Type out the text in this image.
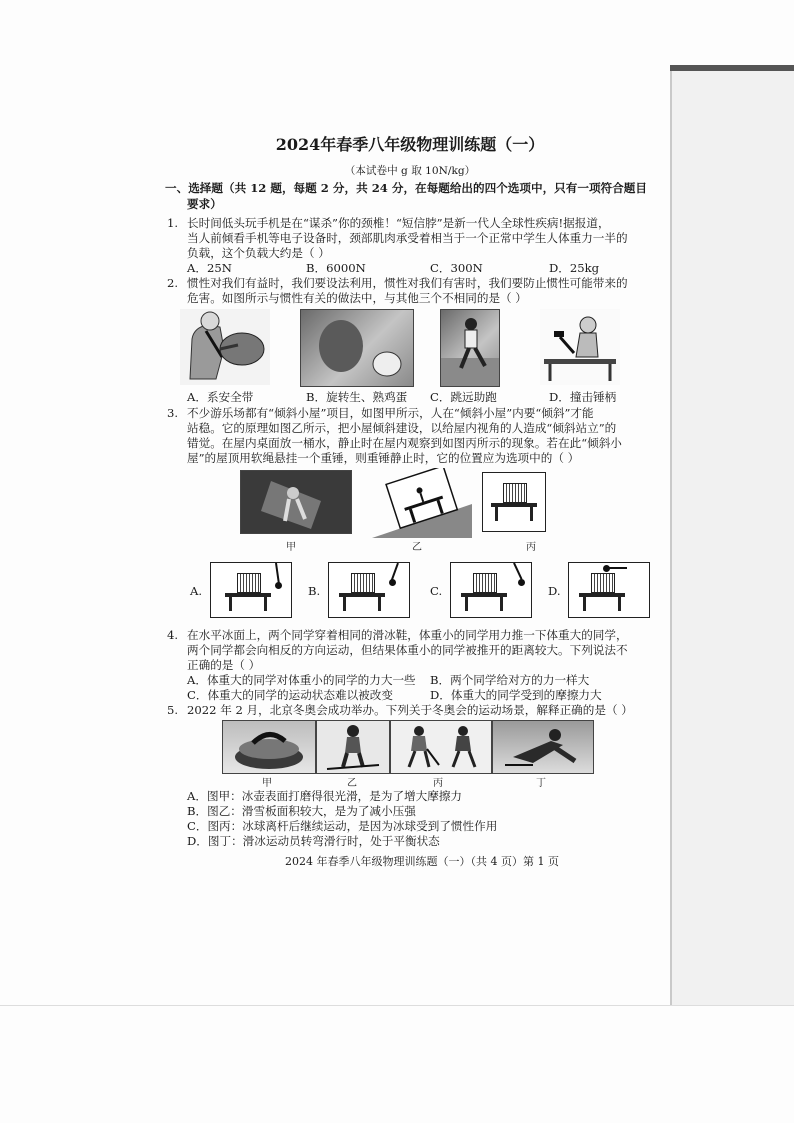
2024年春季八年级物理训练题（一）
（本试卷中 g 取 10N/kg）
一、选择题（共 12 题，每题 2 分，共 24 分，在每题给出的四个选项中，只有一项符合题目
要求）
1. 长时间低头玩手机是在“谋杀”你的颈椎！“短信脖”是新一代人全球性疾病!据报道，
当人前倾看手机等电子设备时，颈部肌肉承受着相当于一个正常中学生人体重力一半的
负载，这个负载大约是（ ）
A．25N	B．6000N	C．300N	D．25kg
2. 惯性对我们有益时，我们要设法利用，惯性对我们有害时，我们要防止惯性可能带来的
危害。如图所示与惯性有关的做法中，与其他三个不相同的是（ ）
A．系安全带	B．旋转生、熟鸡蛋 C．跳远助跑	D．撞击锤柄
3. 不少游乐场都有“倾斜小屋”项目，如图甲所示，人在“倾斜小屋”内要“倾斜”才能
站稳。它的原理如图乙所示，把小屋倾斜建设，以给屋内视角的人造成“倾斜站立”的
错觉。在屋内桌面放一桶水，静止时在屋内观察到如图丙所示的现象。若在此“倾斜小
屋”的屋顶用软绳悬挂一个重锤，则重锤静止时，它的位置应为选项中的（ ）
甲	乙	丙
A.	B.	C.	D.
4. 在水平冰面上，两个同学穿着相同的滑冰鞋，体重小的同学用力推一下体重大的同学，
两个同学都会向相反的方向运动，但结果体重小的同学被推开的距离较大。下列说法不
正确的是（ ）
A．体重大的同学对体重小的同学的力大一些 B．两个同学给对方的力一样大
C．体重大的同学的运动状态难以被改变	D．体重大的同学受到的摩擦力大
5. 2022 年 2 月，北京冬奥会成功举办。下列关于冬奥会的运动场景，解释正确的是（ ）
甲	乙	丙	丁
A．图甲：冰壶表面打磨得很光滑，是为了增大摩擦力
B．图乙：滑雪板面积较大，是为了减小压强
C．图丙：冰球离杆后继续运动，是因为冰球受到了惯性作用
D．图丁：滑冰运动员转弯滑行时，处于平衡状态
2024 年春季八年级物理训练题（一）（共 4 页）第 1 页
